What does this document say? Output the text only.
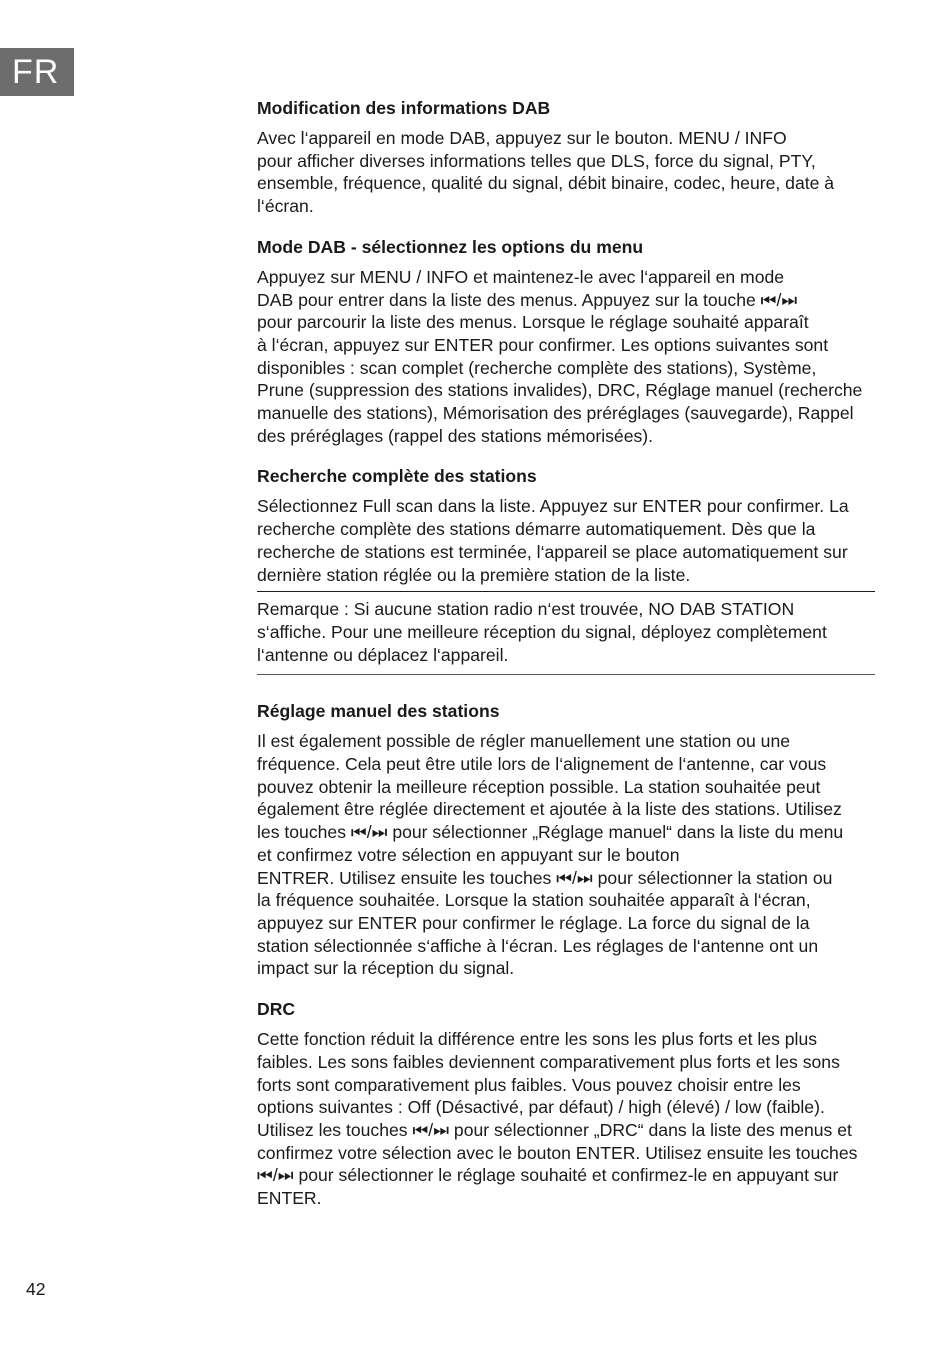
FR
Modification des informations DAB
Avec l‘appareil en mode DAB, appuyez sur le bouton. MENU / INFO
pour afficher diverses informations telles que DLS, force du signal, PTY,
ensemble, fréquence, qualité du signal, débit binaire, codec, heure, date à
l‘écran.
Mode DAB - sélectionnez les options du menu
Appuyez sur MENU / INFO et maintenez-le avec l‘appareil en mode
DAB pour entrer dans la liste des menus. Appuyez sur la touche ⏮/⏭
pour parcourir la liste des menus. Lorsque le réglage souhaité apparaît
à l‘écran, appuyez sur ENTER pour confirmer. Les options suivantes sont
disponibles : scan complet (recherche complète des stations), Système,
Prune (suppression des stations invalides), DRC, Réglage manuel (recherche
manuelle des stations), Mémorisation des préréglages (sauvegarde), Rappel
des préréglages (rappel des stations mémorisées).
Recherche complète des stations
Sélectionnez Full scan dans la liste. Appuyez sur ENTER pour confirmer. La
recherche complète des stations démarre automatiquement. Dès que la
recherche de stations est terminée, l‘appareil se place automatiquement sur
dernière station réglée ou la première station de la liste.
Remarque : Si aucune station radio n‘est trouvée, NO DAB STATION
s‘affiche. Pour une meilleure réception du signal, déployez complètement
l‘antenne ou déplacez l‘appareil.
Réglage manuel des stations
Il est également possible de régler manuellement une station ou une
fréquence. Cela peut être utile lors de l‘alignement de l‘antenne, car vous
pouvez obtenir la meilleure réception possible. La station souhaitée peut
également être réglée directement et ajoutée à la liste des stations. Utilisez
les touches ⏮/⏭ pour sélectionner „Réglage manuel“ dans la liste du menu
et confirmez votre sélection en appuyant sur le bouton
ENTRER. Utilisez ensuite les touches ⏮/⏭ pour sélectionner la station ou
la fréquence souhaitée. Lorsque la station souhaitée apparaît à l‘écran,
appuyez sur ENTER pour confirmer le réglage. La force du signal de la
station sélectionnée s‘affiche à l‘écran. Les réglages de l‘antenne ont un
impact sur la réception du signal.
DRC
Cette fonction réduit la différence entre les sons les plus forts et les plus
faibles. Les sons faibles deviennent comparativement plus forts et les sons
forts sont comparativement plus faibles. Vous pouvez choisir entre les
options suivantes : Off (Désactivé, par défaut) / high (élevé) / low (faible).
Utilisez les touches ⏮/⏭ pour sélectionner „DRC“ dans la liste des menus et
confirmez votre sélection avec le bouton ENTER. Utilisez ensuite les touches
⏮/⏭ pour sélectionner le réglage souhaité et confirmez-le en appuyant sur
ENTER.
42
